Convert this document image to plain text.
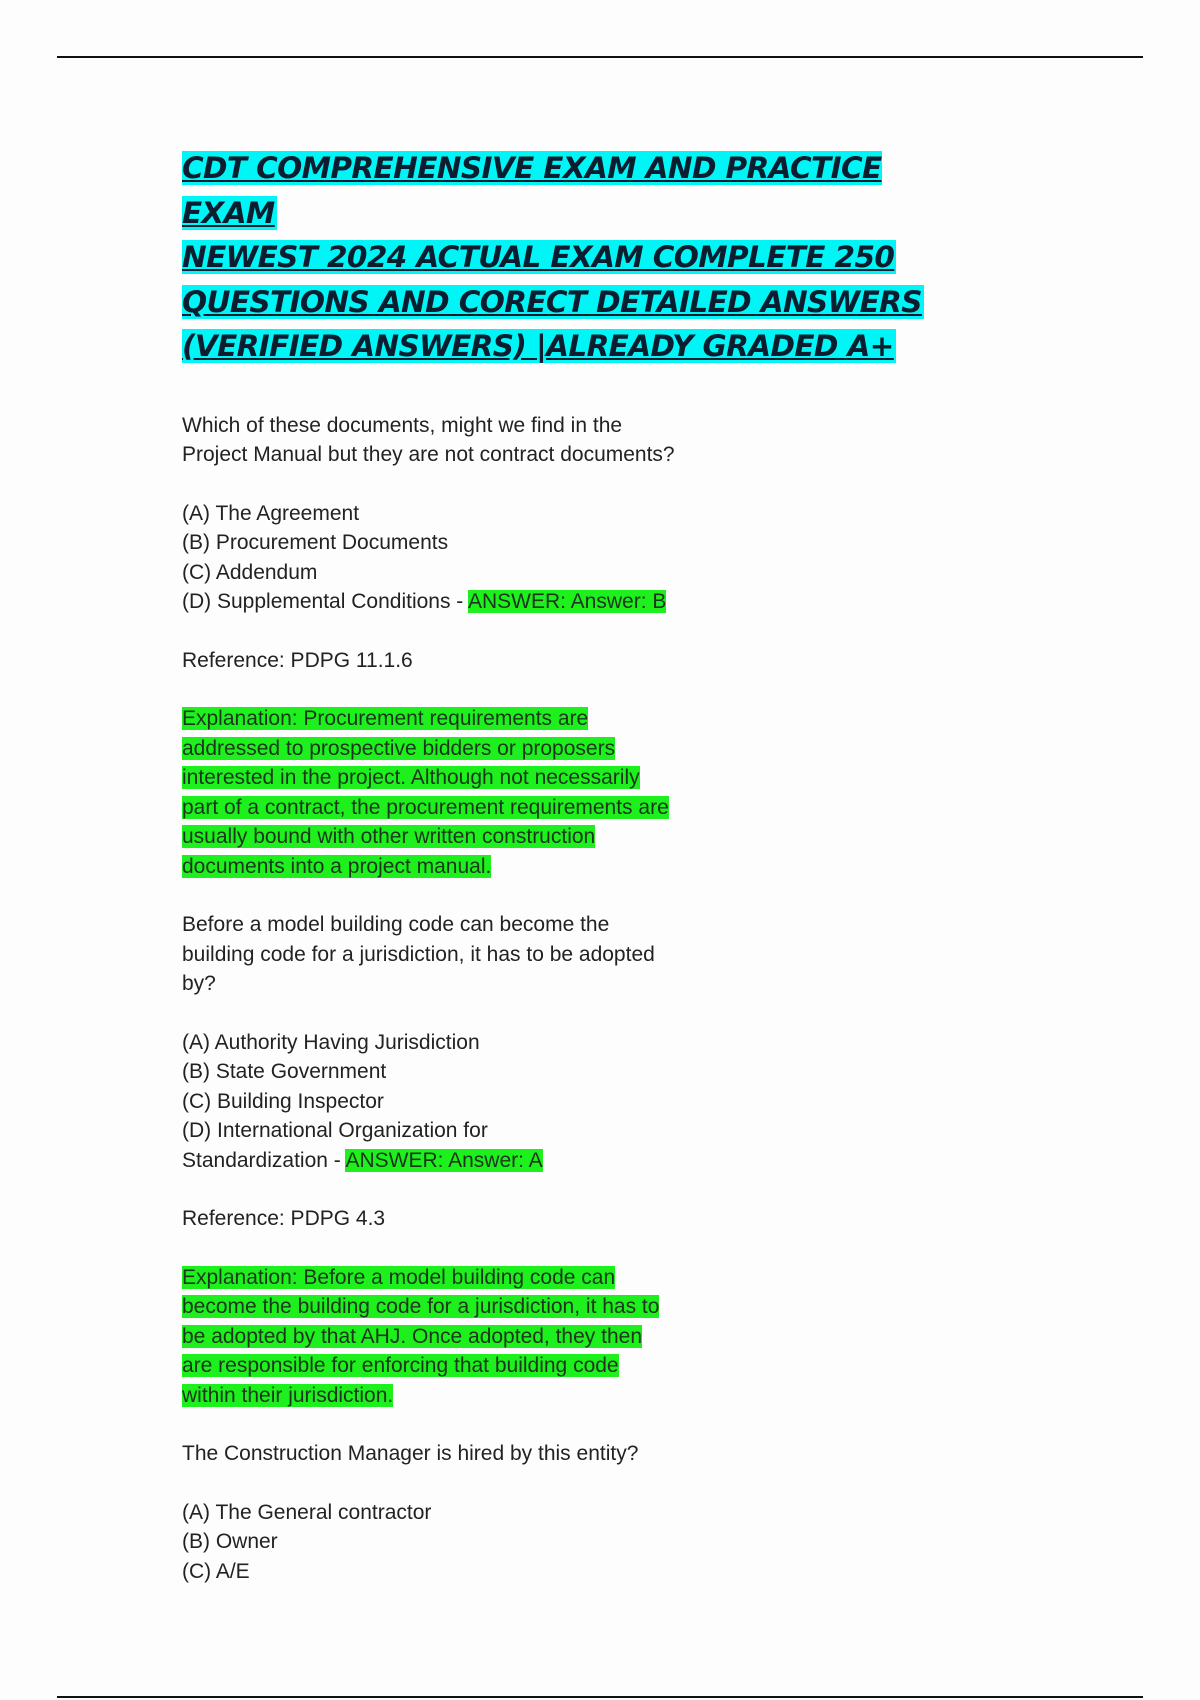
CDT COMPREHENSIVE EXAM AND PRACTICE EXAM
NEWEST 2024 ACTUAL EXAM COMPLETE 250
QUESTIONS AND CORECT DETAILED ANSWERS
(VERIFIED ANSWERS) |ALREADY GRADED A+
Which of these documents, might we find in the
Project Manual but they are not contract documents?
(A) The Agreement
(B) Procurement Documents
(C) Addendum
(D) Supplemental Conditions - ANSWER: Answer: B
Reference: PDPG 11.1.6
Explanation: Procurement requirements are
addressed to prospective bidders or proposers
interested in the project. Although not necessarily
part of a contract, the procurement requirements are
usually bound with other written construction
documents into a project manual.
Before a model building code can become the
building code for a jurisdiction, it has to be adopted
by?
(A) Authority Having Jurisdiction
(B) State Government
(C) Building Inspector
(D) International Organization for
Standardization - ANSWER: Answer: A
Reference: PDPG 4.3
Explanation: Before a model building code can
become the building code for a jurisdiction, it has to
be adopted by that AHJ. Once adopted, they then
are responsible for enforcing that building code
within their jurisdiction.
The Construction Manager is hired by this entity?
(A) The General contractor
(B) Owner
(C) A/E
